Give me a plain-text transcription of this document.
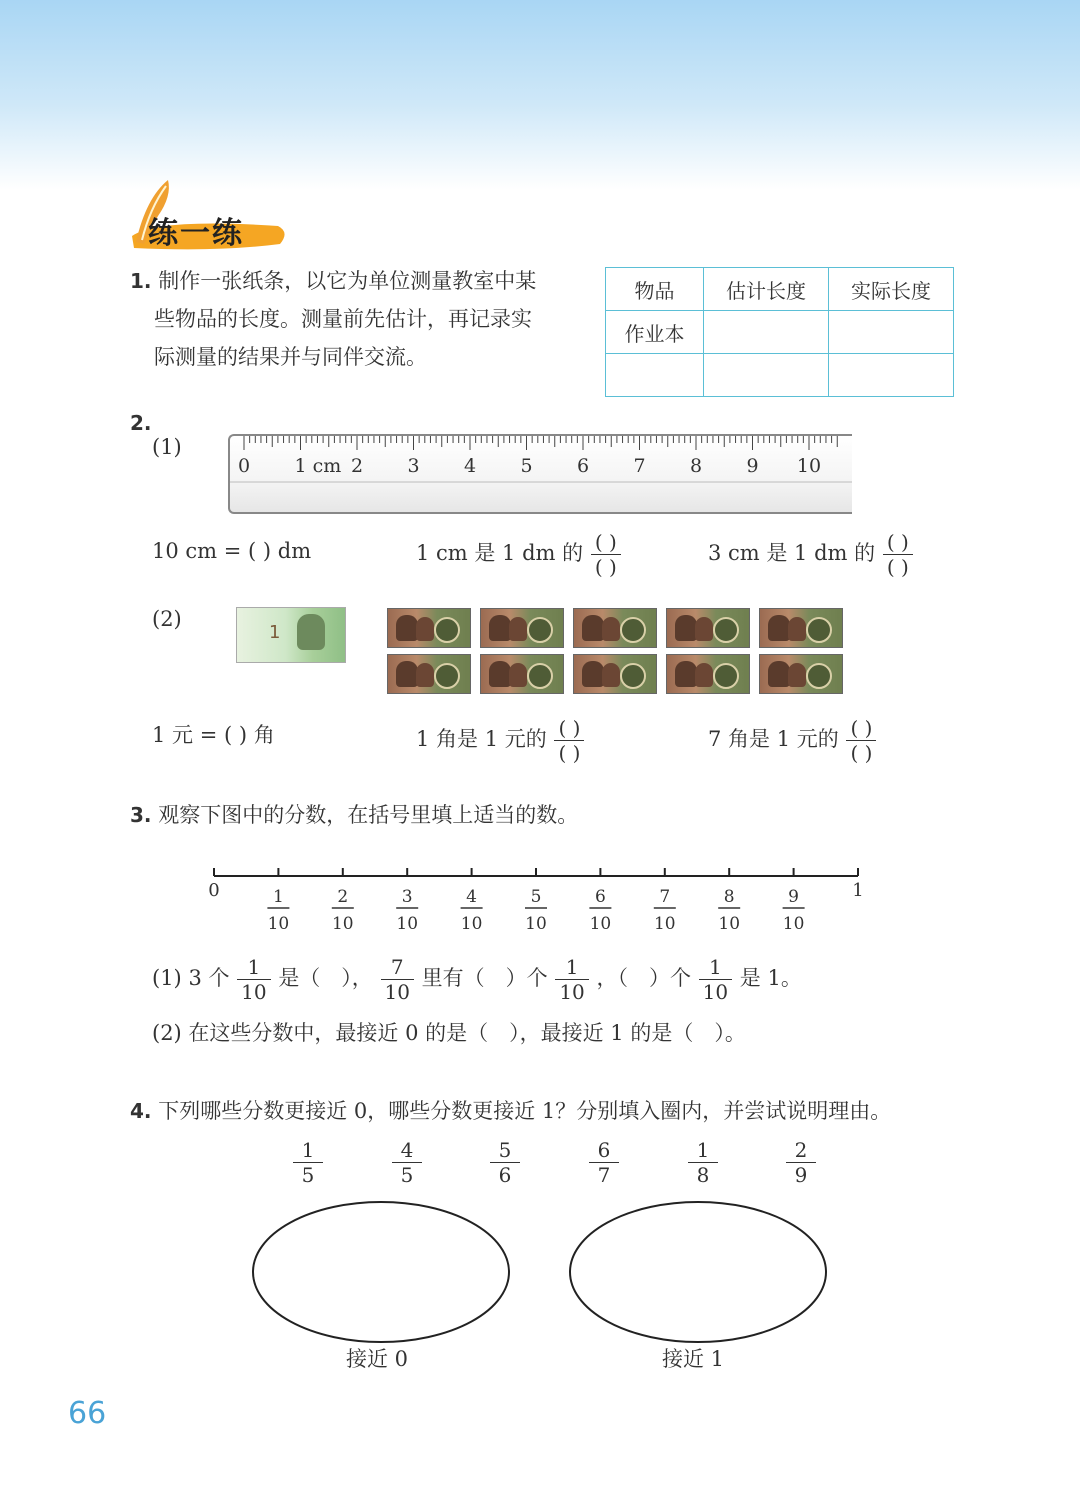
练一练
1. 制作一张纸条，以它为单位测量教室中某
些物品的长度。测量前先估计，再记录实
际测量的结果并与同伴交流。
物品	估计长度	实际长度
作业本		

2.
(1)
0 1 cm 2 3 4 5 6 7 8 9 10
10 cm = ( ) dm	1 cm 是 1 dm 的 $\frac{( )}{( )}$	3 cm 是 1 dm 的 $\frac{( )}{( )}$
(2)
1
1 元 = ( ) 角	1 角是 1 元的 $\frac{( )}{( )}$	7 角是 1 元的 $\frac{( )}{( )}$
3. 观察下图中的分数，在括号里填上适当的数。
0	1
1
10
2
10
3
10
4
10
5
10
6
10
7
10
8
10
9
10
(1) 3 个 $\frac{1}{10}$ 是（　）， $\frac{7}{10}$ 里有（　）个 $\frac{1}{10}$ ，（　）个 $\frac{1}{10}$ 是 1。
(2) 在这些分数中，最接近 0 的是（　），最接近 1 的是（　）。
4. 下列哪些分数更接近 0，哪些分数更接近 1？分别填入圈内，并尝试说明理由。
$\frac{1}{5}$	$\frac{4}{5}$	$\frac{5}{6}$	$\frac{6}{7}$	$\frac{1}{8}$	$\frac{2}{9}$
接近 0	接近 1
66
